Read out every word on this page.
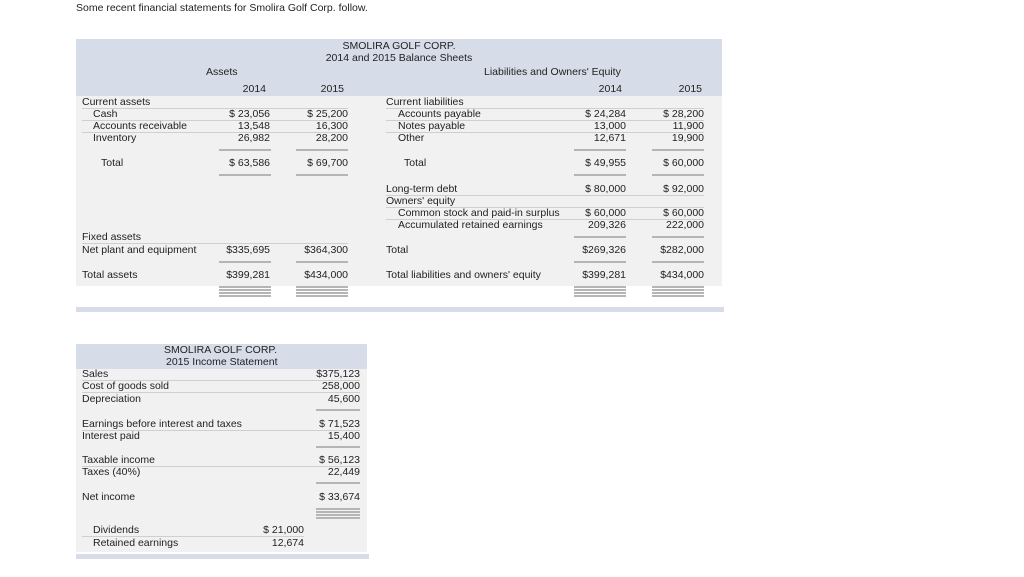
Some recent financial statements for Smolira Golf Corp. follow.
SMOLIRA GOLF CORP.
2014 and 2015 Balance Sheets
Assets	Liabilities and Owners' Equity
2014	2015	2014	2015
Current assets
Cash	$ 23,056	$ 25,200
Accounts receivable	13,548	16,300
Inventory	26,982	28,200
Total	$ 63,586	$ 69,700
Fixed assets
Net plant and equipment	$335,695	$364,300
Total assets	$399,281	$434,000
Current liabilities
Accounts payable	$ 24,284	$ 28,200
Notes payable	13,000	11,900
Other	12,671	19,900
Total	$ 49,955	$ 60,000
Long-term debt	$ 80,000	$ 92,000
Owners' equity
Common stock and paid-in surplus	$ 60,000	$ 60,000
Accumulated retained earnings	209,326	222,000
Total	$269,326	$282,000
Total liabilities and owners' equity	$399,281	$434,000
SMOLIRA GOLF CORP.
2015 Income Statement
Sales	$375,123
Cost of goods sold	258,000
Depreciation	45,600
Earnings before interest and taxes	$ 71,523
Interest paid	15,400
Taxable income	$ 56,123
Taxes (40%)	22,449
Net income	$ 33,674
Dividends	$ 21,000
Retained earnings	12,674
